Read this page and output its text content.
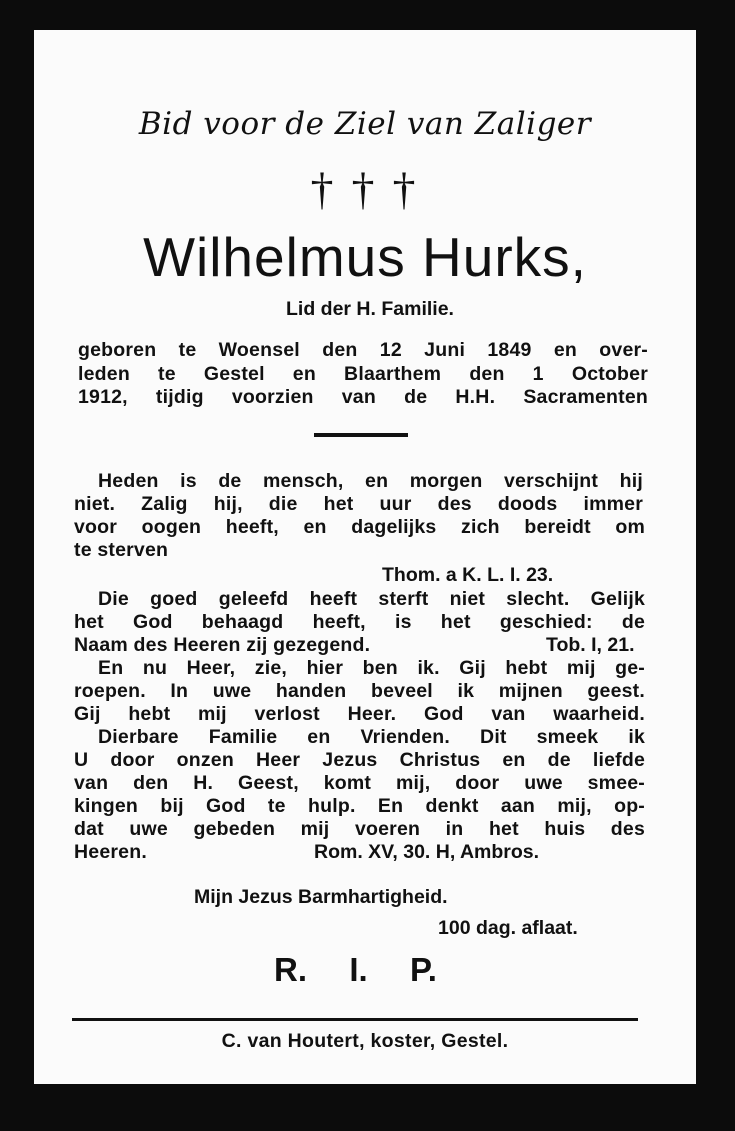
Bid voor de Ziel van Zaliger
†††
Wilhelmus Hurks,
Lid der H. Familie.
geboren te Woensel den 12 Juni 1849 en over-
leden te Gestel en Blaarthem den 1 October
1912, tijdig voorzien van de H.H. Sacramenten
Heden is de mensch, en morgen verschijnt hij
niet. Zalig hij, die het uur des doods immer
voor oogen heeft, en dagelijks zich bereidt om
te sterven
Thom. a K. L. I. 23.
Die goed geleefd heeft sterft niet slecht. Gelijk
het God behaagd heeft, is het geschied: de
Naam des Heeren zij gezegend.	Tob. I, 21.
En nu Heer, zie, hier ben ik. Gij hebt mij ge-
roepen. In uwe handen beveel ik mijnen geest.
Gij hebt mij verlost Heer. God van waarheid.
Dierbare Familie en Vrienden. Dit smeek ik
U door onzen Heer Jezus Christus en de liefde
van den H. Geest, komt mij, door uwe smee-
kingen bij God te hulp. En denkt aan mij, op-
dat uwe gebeden mij voeren in het huis des
Heeren.	Rom. XV, 30. H, Ambros.
Mijn Jezus Barmhartigheid.
100 dag. aflaat.
R.  I.  P.
C. van Houtert, koster, Gestel.
